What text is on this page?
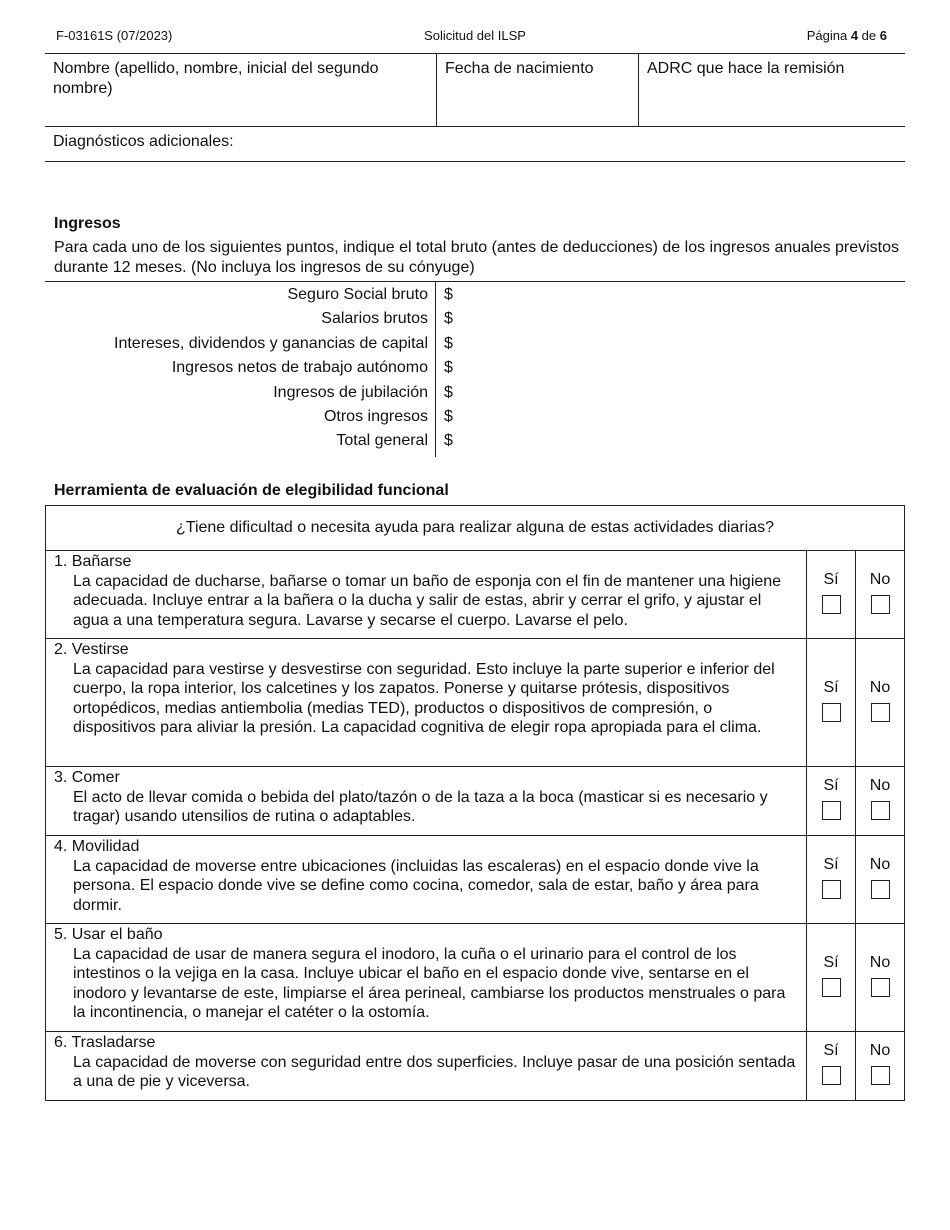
F-03161S (07/2023)	Solicitud del ILSP	Página 4 de 6
Nombre (apellido, nombre, inicial del segundo nombre)	Fecha de nacimiento	ADRC que hace la remisión
Diagnósticos adicionales:
Ingresos
Para cada uno de los siguientes puntos, indique el total bruto (antes de deducciones) de los ingresos anuales previstos durante 12 meses. (No incluya los ingresos de su cónyuge)
Seguro Social bruto $
Salarios brutos $
Intereses, dividendos y ganancias de capital $
Ingresos netos de trabajo autónomo $
Ingresos de jubilación $
Otros ingresos $
Total general $
Herramienta de evaluación de elegibilidad funcional
¿Tiene dificultad o necesita ayuda para realizar alguna de estas actividades diarias?		

1. Bañarse
La capacidad de ducharse, bañarse o tomar un baño de esponja con el fin de mantener una higiene adecuada. Incluye entrar a la bañera o la ducha y salir de estas, abrir y cerrar el grifo, y ajustar el agua a una temperatura segura. Lavarse y secarse el cuerpo. Lavarse el pelo.	Sí	No

2. Vestirse
La capacidad para vestirse y desvestirse con seguridad. Esto incluye la parte superior e inferior del cuerpo, la ropa interior, los calcetines y los zapatos. Ponerse y quitarse prótesis, dispositivos ortopédicos, medias antiembolia (medias TED), productos o dispositivos de compresión, o dispositivos para aliviar la presión. La capacidad cognitiva de elegir ropa apropiada para el clima.	Sí	No

3. Comer
El acto de llevar comida o bebida del plato/tazón o de la taza a la boca (masticar si es necesario y tragar) usando utensilios de rutina o adaptables.	Sí	No

4. Movilidad
La capacidad de moverse entre ubicaciones (incluidas las escaleras) en el espacio donde vive la persona. El espacio donde vive se define como cocina, comedor, sala de estar, baño y área para dormir.	Sí	No

5. Usar el baño
La capacidad de usar de manera segura el inodoro, la cuña o el urinario para el control de los intestinos o la vejiga en la casa. Incluye ubicar el baño en el espacio donde vive, sentarse en el inodoro y levantarse de este, limpiarse el área perineal, cambiarse los productos menstruales o para la incontinencia, o manejar el catéter o la ostomía.	Sí	No

6. Trasladarse
La capacidad de moverse con seguridad entre dos superficies. Incluye pasar de una posición sentada a una de pie y viceversa.	Sí	No
